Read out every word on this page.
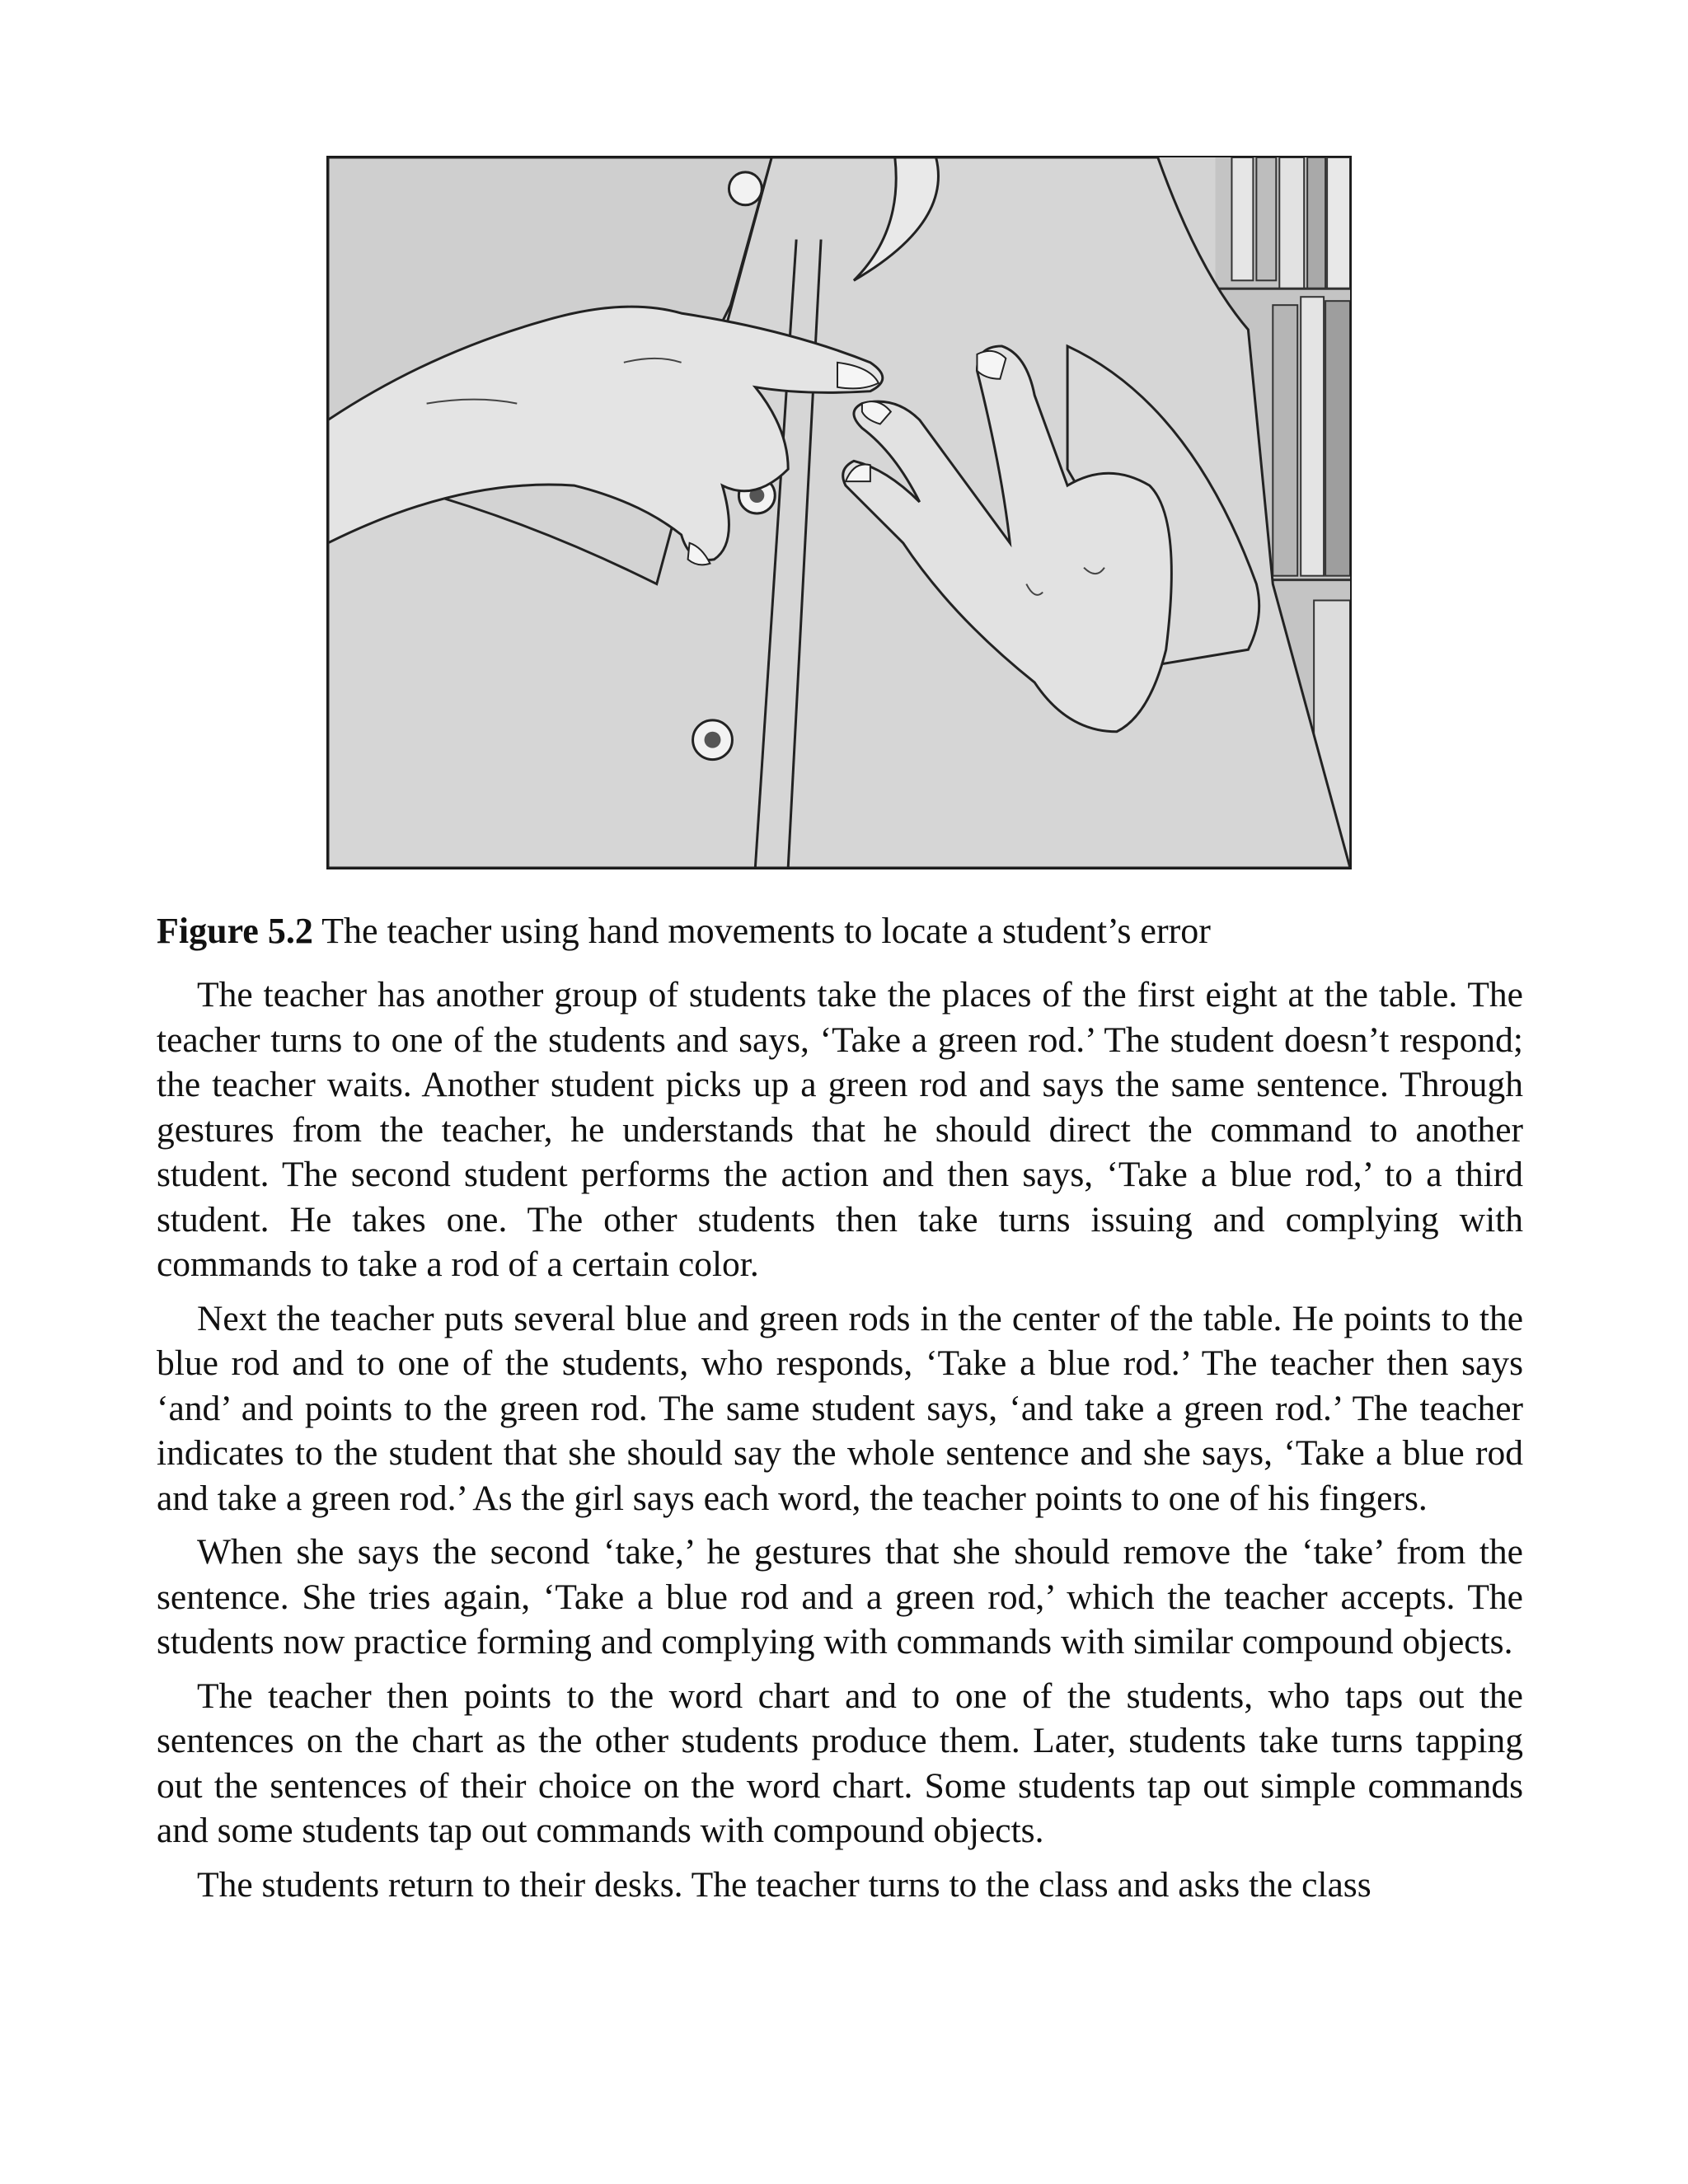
Figure 5.2 The teacher using hand movements to locate a student’s error

The teacher has another group of students take the places of the first eight at the table. The teacher turns to one of the students and says, ‘Take a green rod.’ The student doesn’t respond; the teacher waits. Another student picks up a green rod and says the same sentence. Through gestures from the teacher, he understands that he should direct the command to another student. The second student performs the action and then says, ‘Take a blue rod,’ to a third student. He takes one. The other students then take turns issuing and complying with commands to take a rod of a certain color.

Next the teacher puts several blue and green rods in the center of the table. He points to the blue rod and to one of the students, who responds, ‘Take a blue rod.’ The teacher then says ‘and’ and points to the green rod. The same student says, ‘and take a green rod.’ The teacher indicates to the student that she should say the whole sentence and she says, ‘Take a blue rod and take a green rod.’ As the girl says each word, the teacher points to one of his fingers.

When she says the second ‘take,’ he gestures that she should remove the ‘take’ from the sentence. She tries again, ‘Take a blue rod and a green rod,’ which the teacher accepts. The students now practice forming and complying with commands with similar compound objects.

The teacher then points to the word chart and to one of the students, who taps out the sentences on the chart as the other students produce them. Later, students take turns tapping out the sentences of their choice on the word chart. Some students tap out simple commands and some students tap out commands with compound objects.

The students return to their desks. The teacher turns to the class and asks the class
